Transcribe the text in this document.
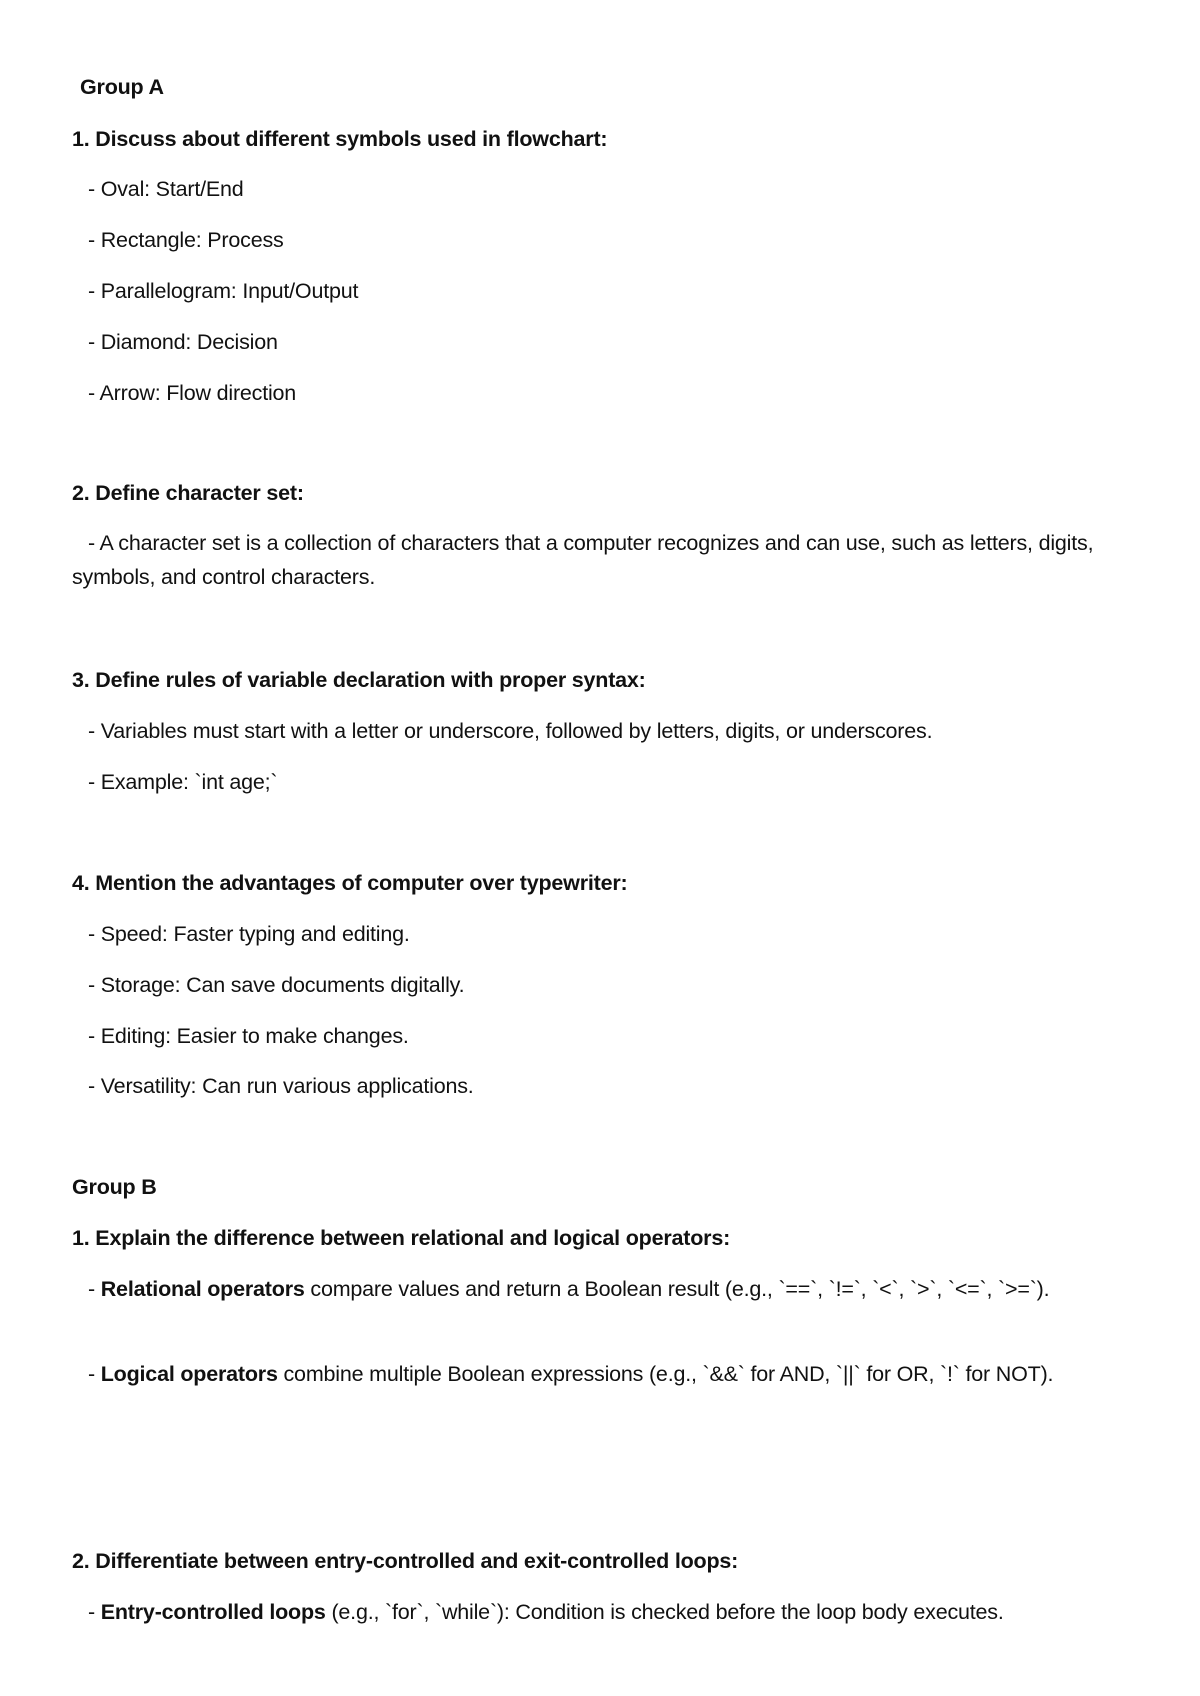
Group A
1. Discuss about different symbols used in flowchart:
- Oval: Start/End
- Rectangle: Process
- Parallelogram: Input/Output
- Diamond: Decision
- Arrow: Flow direction
2. Define character set:
- A character set is a collection of characters that a computer recognizes and can use, such as letters, digits, symbols, and control characters.
3. Define rules of variable declaration with proper syntax:
- Variables must start with a letter or underscore, followed by letters, digits, or underscores.
- Example: `int age;`
4. Mention the advantages of computer over typewriter:
- Speed: Faster typing and editing.
- Storage: Can save documents digitally.
- Editing: Easier to make changes.
- Versatility: Can run various applications.
Group B
1. Explain the difference between relational and logical operators:
- Relational operators compare values and return a Boolean result (e.g., `==`, `!=`, `<`, `>`, `<=`, `>=`).
- Logical operators combine multiple Boolean expressions (e.g., `&&` for AND, `||` for OR, `!` for NOT).
2. Differentiate between entry-controlled and exit-controlled loops:
- Entry-controlled loops (e.g., `for`, `while`): Condition is checked before the loop body executes.
